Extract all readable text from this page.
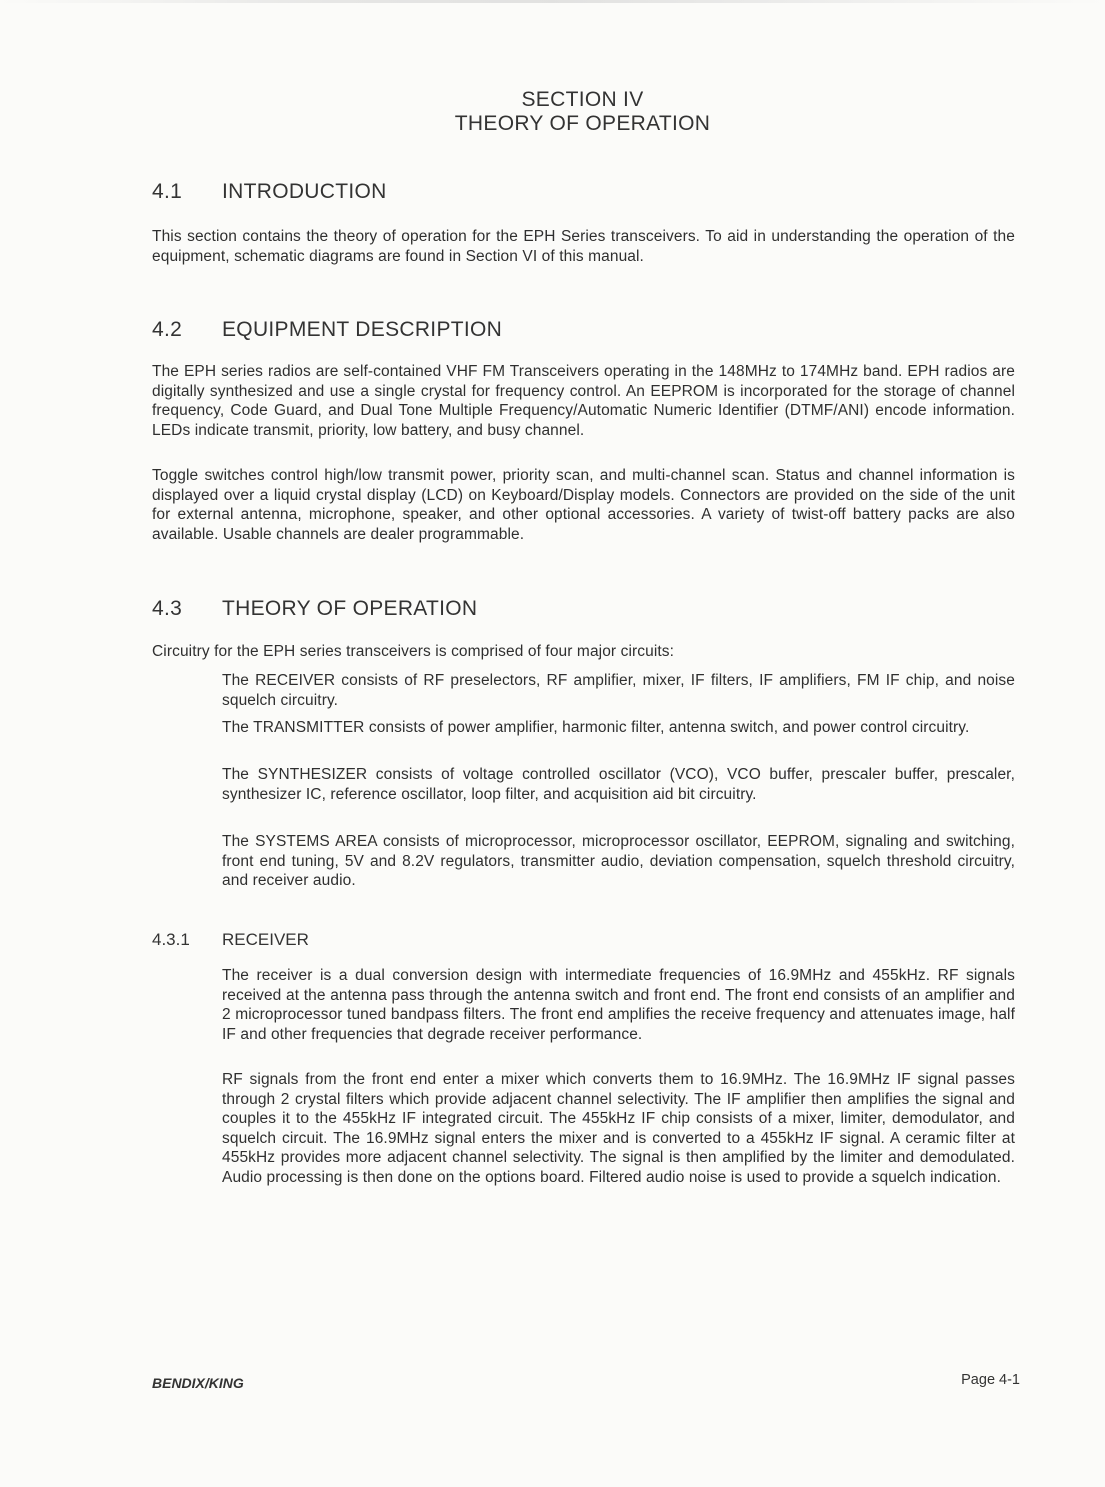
SECTION IV
THEORY OF OPERATION
4.1 INTRODUCTION
This section contains the theory of operation for the EPH Series transceivers. To aid in understanding the operation of the equipment, schematic diagrams are found in Section VI of this manual.
4.2 EQUIPMENT DESCRIPTION
The EPH series radios are self-contained VHF FM Transceivers operating in the 148MHz to 174MHz band. EPH radios are digitally synthesized and use a single crystal for frequency control. An EEPROM is incorporated for the storage of channel frequency, Code Guard, and Dual Tone Multiple Frequency/Automatic Numeric Identifier (DTMF/ANI) encode information. LEDs indicate transmit, priority, low battery, and busy channel.
Toggle switches control high/low transmit power, priority scan, and multi-channel scan. Status and channel information is displayed over a liquid crystal display (LCD) on Keyboard/Display models. Connectors are provided on the side of the unit for external antenna, microphone, speaker, and other optional accessories. A variety of twist-off battery packs are also available. Usable channels are dealer programmable.
4.3 THEORY OF OPERATION
Circuitry for the EPH series transceivers is comprised of four major circuits:
The RECEIVER consists of RF preselectors, RF amplifier, mixer, IF filters, IF amplifiers, FM IF chip, and noise squelch circuitry.
The TRANSMITTER consists of power amplifier, harmonic filter, antenna switch, and power control circuitry.
The SYNTHESIZER consists of voltage controlled oscillator (VCO), VCO buffer, prescaler buffer, prescaler, synthesizer IC, reference oscillator, loop filter, and acquisition aid bit circuitry.
The SYSTEMS AREA consists of microprocessor, microprocessor oscillator, EEPROM, signaling and switching, front end tuning, 5V and 8.2V regulators, transmitter audio, deviation compensation, squelch threshold circuitry, and receiver audio.
4.3.1 RECEIVER
The receiver is a dual conversion design with intermediate frequencies of 16.9MHz and 455kHz. RF signals received at the antenna pass through the antenna switch and front end. The front end consists of an amplifier and 2 microprocessor tuned bandpass filters. The front end amplifies the receive frequency and attenuates image, half IF and other frequencies that degrade receiver performance.
RF signals from the front end enter a mixer which converts them to 16.9MHz. The 16.9MHz IF signal passes through 2 crystal filters which provide adjacent channel selectivity. The IF amplifier then amplifies the signal and couples it to the 455kHz IF integrated circuit. The 455kHz IF chip consists of a mixer, limiter, demodulator, and squelch circuit. The 16.9MHz signal enters the mixer and is converted to a 455kHz IF signal. A ceramic filter at 455kHz provides more adjacent channel selectivity. The signal is then amplified by the limiter and demodulated. Audio processing is then done on the options board. Filtered audio noise is used to provide a squelch indication.
BENDIX/KING	Page 4-1
